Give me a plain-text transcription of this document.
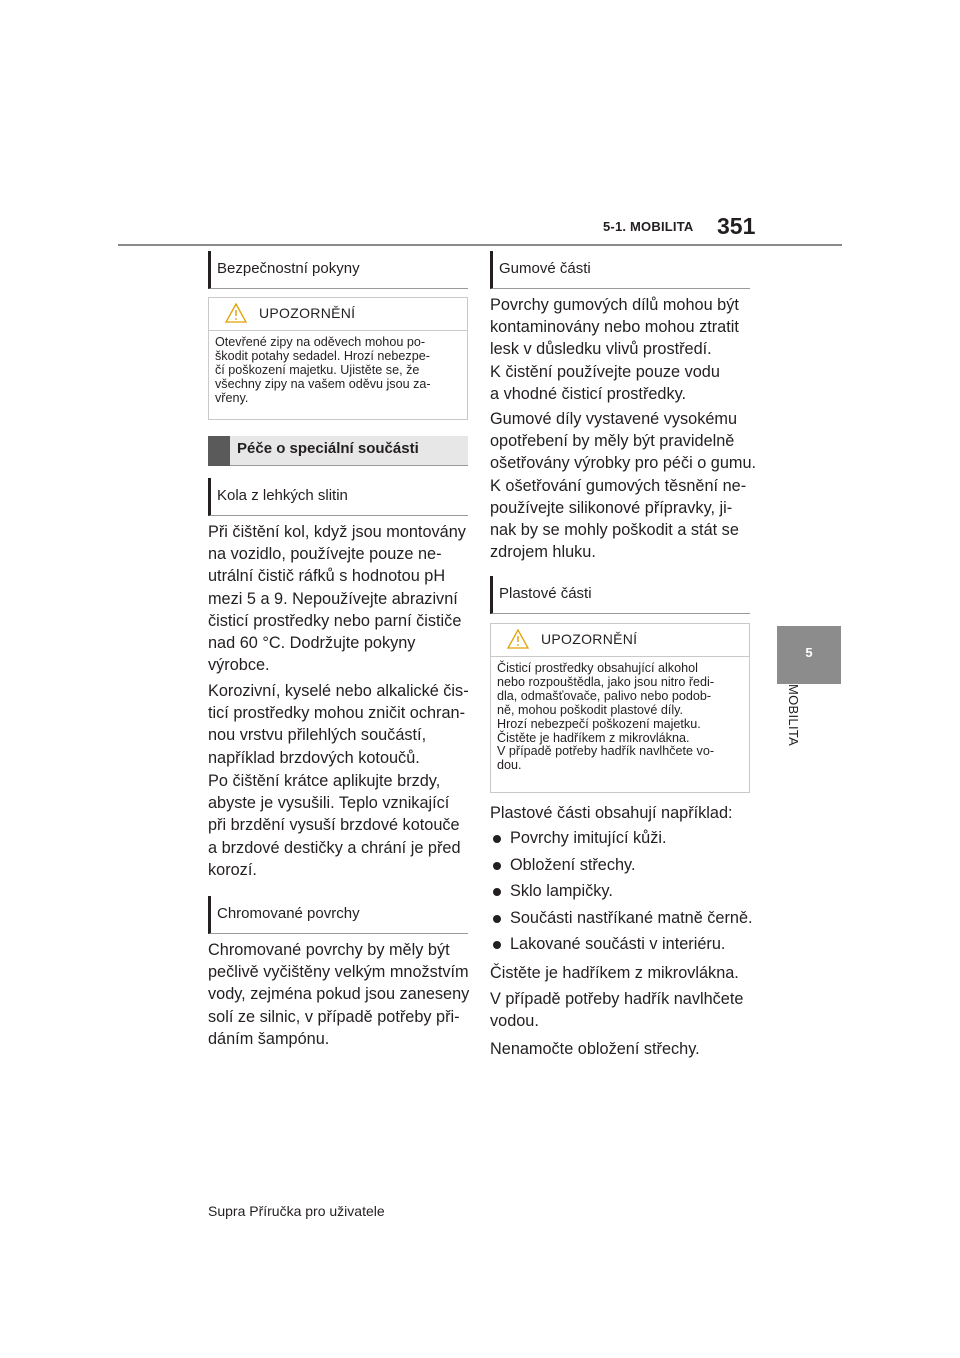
5-1. MOBILITA 351
5
MOBILITA
Bezpečnostní pokyny
UPOZORNĚNÍ
Otevřené zipy na oděvech mohou po-
škodit potahy sedadel. Hrozí nebezpe-
čí poškození majetku. Ujistěte se, že
všechny zipy na vašem oděvu jsou za-
vřeny.
Péče o speciální součásti
Kola z lehkých slitin
Při čištění kol, když jsou montovány
na vozidlo, používejte pouze ne-
utrální čistič ráfků s hodnotou pH
mezi 5 a 9. Nepoužívejte abrazivní
čisticí prostředky nebo parní čističe
nad 60 °C. Dodržujte pokyny
výrobce.
Korozivní, kyselé nebo alkalické čis-
ticí prostředky mohou zničit ochran-
nou vrstvu přilehlých součástí,
například brzdových kotoučů.
Po čištění krátce aplikujte brzdy,
abyste je vysušili. Teplo vznikající
při brzdění vysuší brzdové kotouče
a brzdové destičky a chrání je před
korozí.
Chromované povrchy
Chromované povrchy by měly být
pečlivě vyčištěny velkým množstvím
vody, zejména pokud jsou zaneseny
solí ze silnic, v případě potřeby při-
dáním šampónu.
Gumové části
Povrchy gumových dílů mohou být
kontaminovány nebo mohou ztratit
lesk v důsledku vlivů prostředí.
K čistění používejte pouze vodu
a vhodné čisticí prostředky.
Gumové díly vystavené vysokému
opotřebení by měly být pravidelně
ošetřovány výrobky pro péči o gumu.
K ošetřování gumových těsnění ne-
používejte silikonové přípravky, ji-
nak by se mohly poškodit a stát se
zdrojem hluku.
Plastové části
UPOZORNĚNÍ
Čisticí prostředky obsahující alkohol
nebo rozpouštědla, jako jsou nitro ředi-
dla, odmašťovače, palivo nebo podob-
ně, mohou poškodit plastové díly.
Hrozí nebezpečí poškození majetku.
Čistěte je hadříkem z mikrovlákna.
V případě potřeby hadřík navlhčete vo-
dou.
Plastové části obsahují například:
Povrchy imitující kůži.
Obložení střechy.
Sklo lampičky.
Součásti nastříkané matně černě.
Lakované součásti v interiéru.
Čistěte je hadříkem z mikrovlákna.
V případě potřeby hadřík navlhčete
vodou.
Nenamočte obložení střechy.
Supra Příručka pro uživatele
